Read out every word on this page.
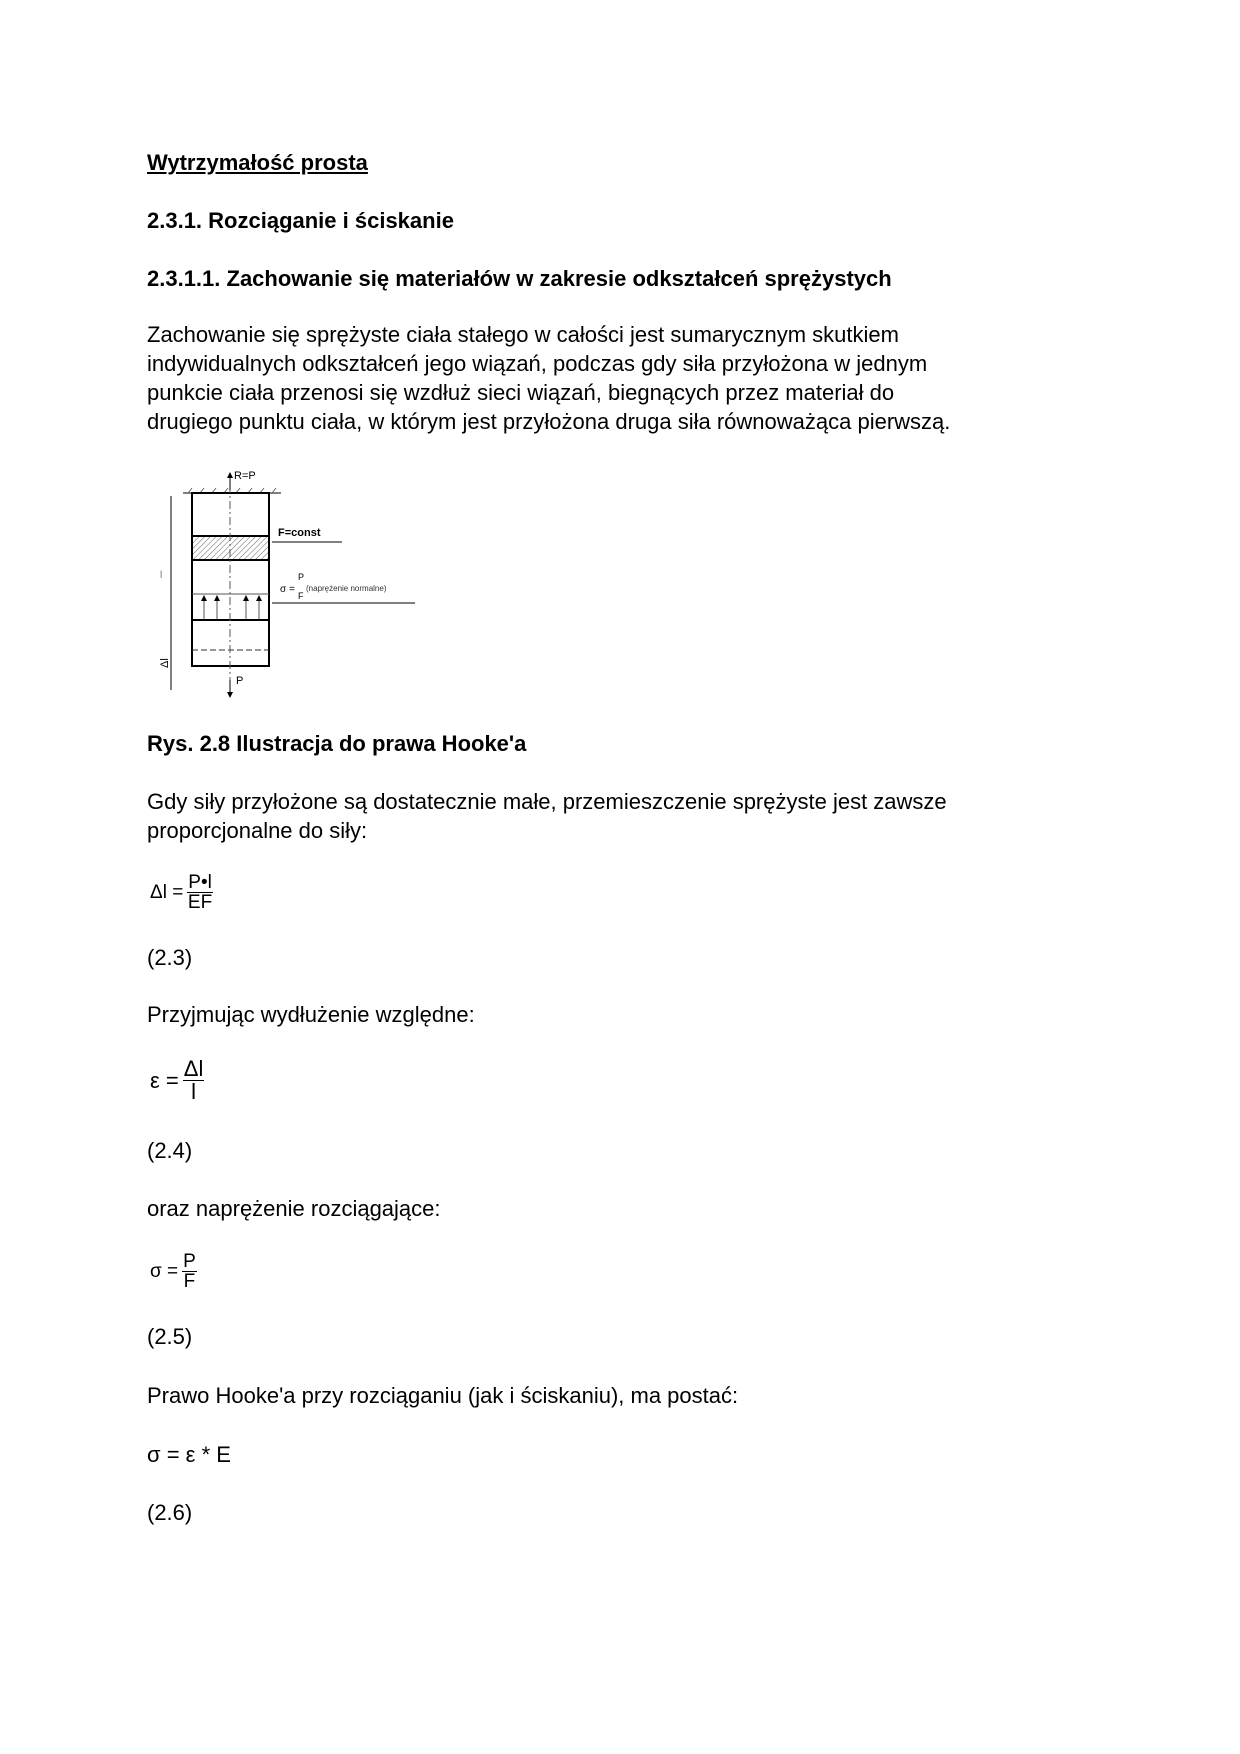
Wytrzymałość prosta
2.3.1. Rozciąganie i ściskanie
2.3.1.1. Zachowanie się materiałów w zakresie odkształceń sprężystych
Zachowanie się sprężyste ciała stałego w całości jest sumarycznym skutkiem
indywidualnych odkształceń jego wiązań, podczas gdy siła przyłożona w jednym
punkcie ciała przenosi się wzdłuż sieci wiązań, biegnących przez materiał do
drugiego punktu ciała, w którym jest przyłożona druga siła równoważąca pierwszą.
R=P
F=const
σ =
P
F
(naprężenie normalne)
l
Δl
P
Rys. 2.8 Ilustracja do prawa Hooke'a
Gdy siły przyłożone są dostatecznie małe, przemieszczenie sprężyste jest zawsze
proporcjonalne do siły:
$\Delta l = \frac{P•l}{EF}$
(2.3)
Przyjmując wydłużenie względne:
$\varepsilon = \frac{\Delta l}{l}$
(2.4)
oraz naprężenie rozciągające:
$\sigma = \frac{P}{F}$
(2.5)
Prawo Hooke'a przy rozciąganiu (jak i ściskaniu), ma postać:
σ = ε * E
(2.6)
